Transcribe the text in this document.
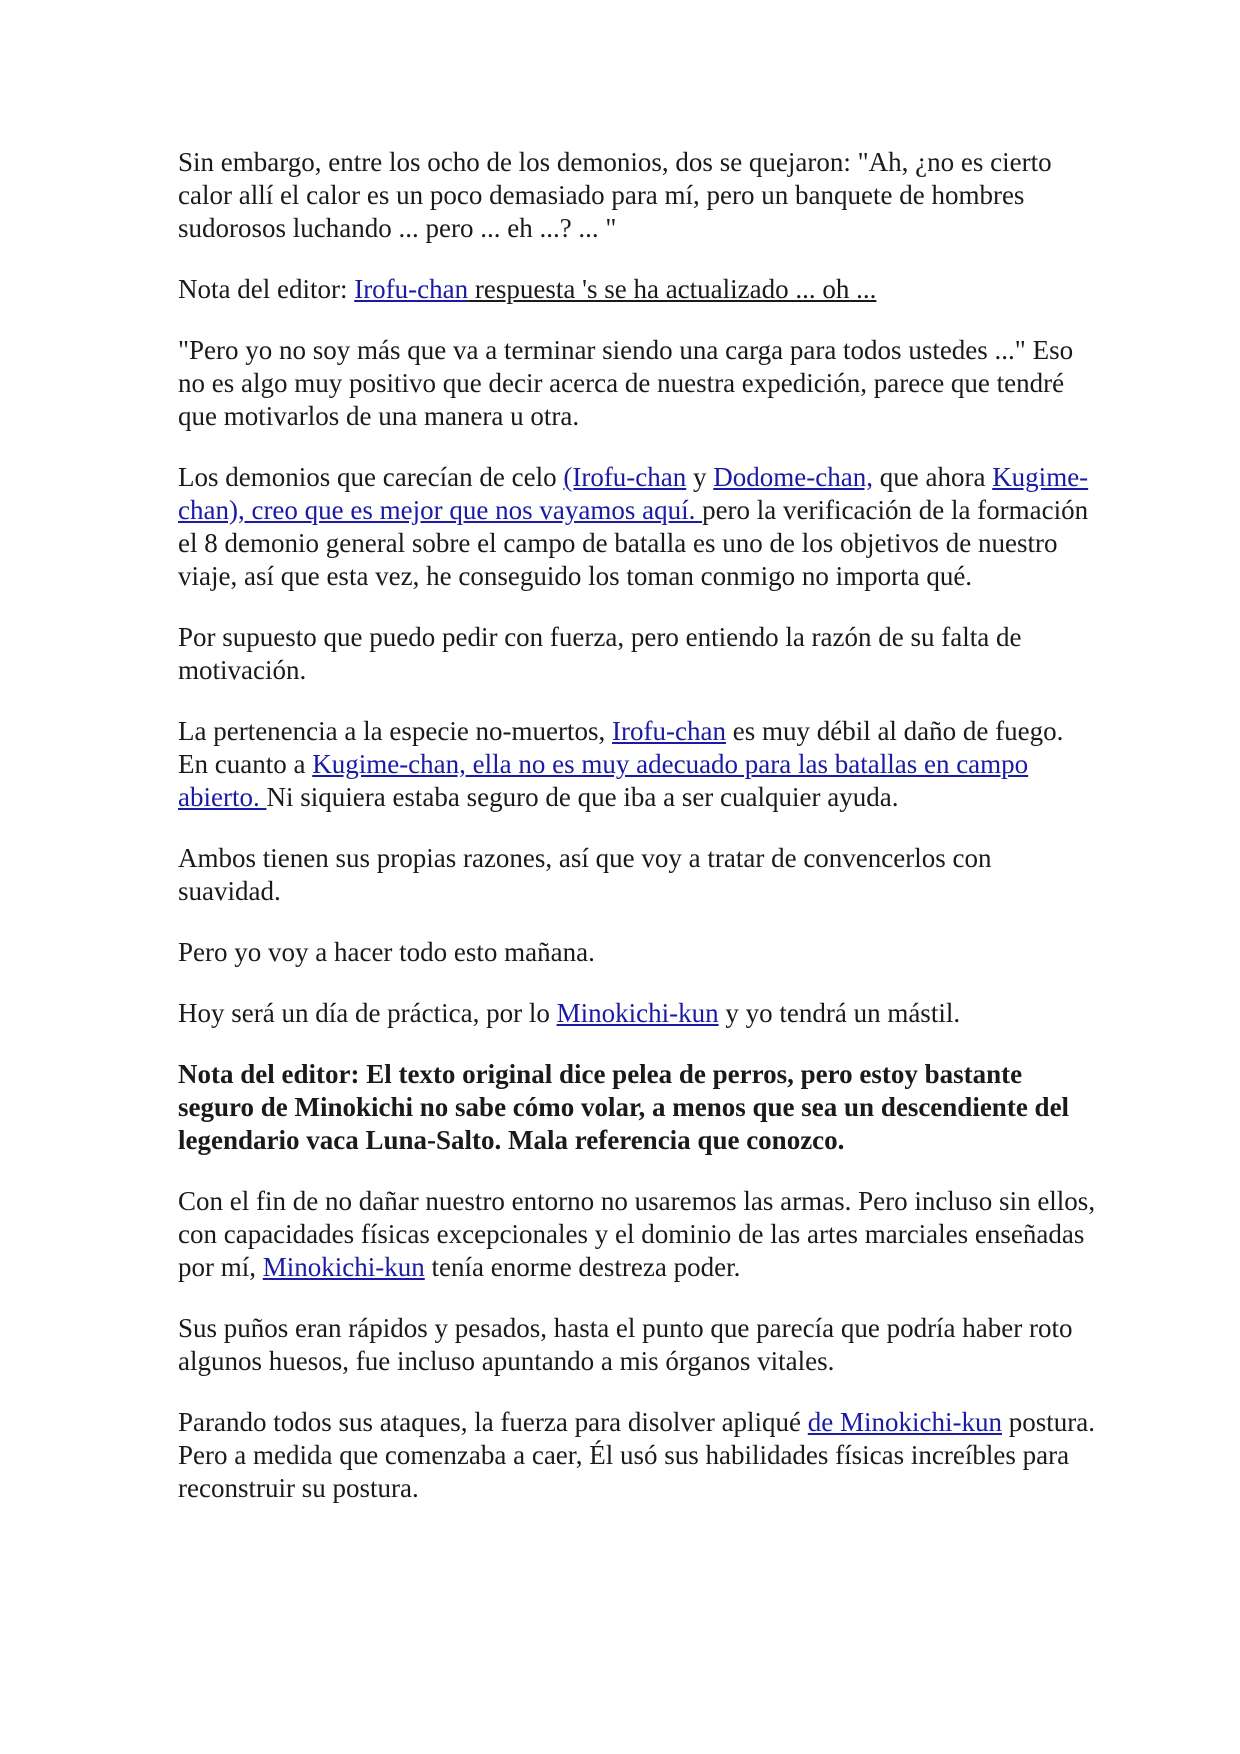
Sin embargo, entre los ocho de los demonios, dos se quejaron: "Ah, ¿no es cierto calor allí el calor es un poco demasiado para mí, pero un banquete de hombres sudorosos luchando ... pero ... eh ...? ... "

Nota del editor: Irofu-chan respuesta 's se ha actualizado ... oh ...

"Pero yo no soy más que va a terminar siendo una carga para todos ustedes ..." Eso no es algo muy positivo que decir acerca de nuestra expedición, parece que tendré que motivarlos de una manera u otra.

Los demonios que carecían de celo (Irofu-chan y Dodome-chan, que ahora Kugime-chan), creo que es mejor que nos vayamos aquí. pero la verificación de la formación el 8 demonio general sobre el campo de batalla es uno de los objetivos de nuestro viaje, así que esta vez, he conseguido los toman conmigo no importa qué.

Por supuesto que puedo pedir con fuerza, pero entiendo la razón de su falta de motivación.

La pertenencia a la especie no-muertos, Irofu-chan es muy débil al daño de fuego. En cuanto a Kugime-chan, ella no es muy adecuado para las batallas en campo abierto. Ni siquiera estaba seguro de que iba a ser cualquier ayuda.

Ambos tienen sus propias razones, así que voy a tratar de convencerlos con suavidad.

Pero yo voy a hacer todo esto mañana.

Hoy será un día de práctica, por lo Minokichi-kun y yo tendrá un mástil.

Nota del editor: El texto original dice pelea de perros, pero estoy bastante seguro de Minokichi no sabe cómo volar, a menos que sea un descendiente del legendario vaca Luna-Salto. Mala referencia que conozco.

Con el fin de no dañar nuestro entorno no usaremos las armas. Pero incluso sin ellos, con capacidades físicas excepcionales y el dominio de las artes marciales enseñadas por mí, Minokichi-kun tenía enorme destreza poder.

Sus puños eran rápidos y pesados, hasta el punto que parecía que podría haber roto algunos huesos, fue incluso apuntando a mis órganos vitales.

Parando todos sus ataques, la fuerza para disolver apliqué de Minokichi-kun postura. Pero a medida que comenzaba a caer, Él usó sus habilidades físicas increíbles para reconstruir su postura.
